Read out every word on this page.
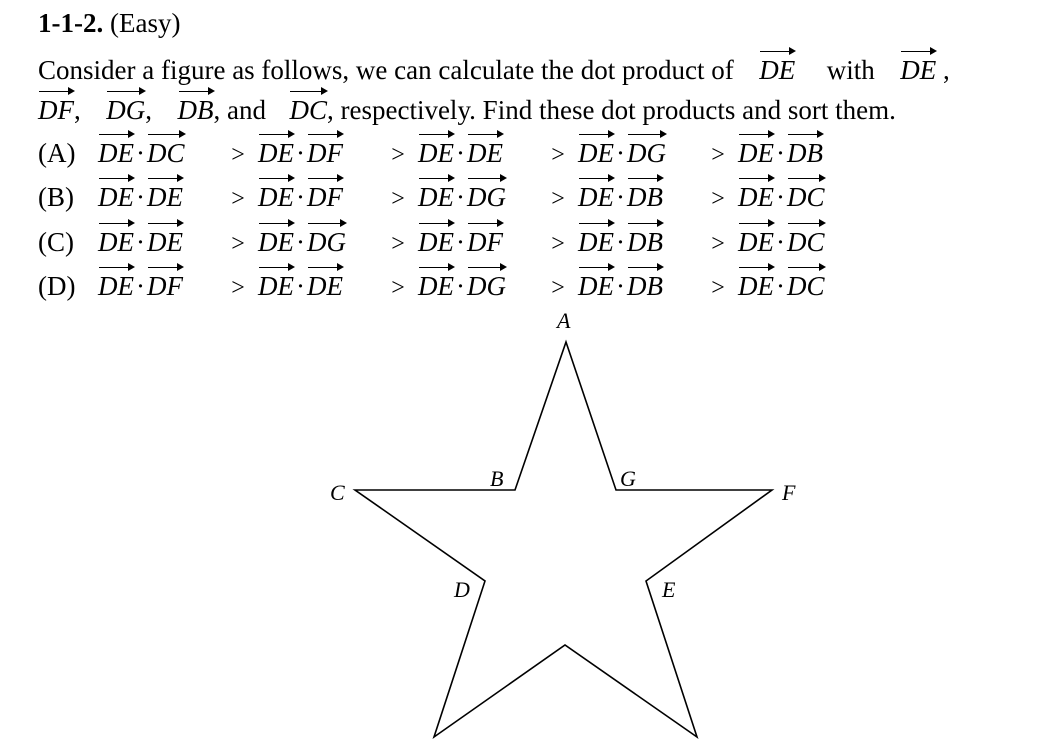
1-1-2. (Easy)
Consider a figure as follows, we can calculate the dot product of DE with DE ,
DF, DG, DB, and DC, respectively. Find these dot products and sort them.
(A) DE·DC > DE·DF > DE·DE > DE·DG > DE·DB
(B) DE·DE > DE·DF > DE·DG > DE·DB > DE·DC
(C) DE·DE > DE·DG > DE·DF > DE·DB > DE·DC
(D) DE·DF > DE·DE > DE·DG > DE·DB > DE·DC
A
B
C
D	E
F
G
